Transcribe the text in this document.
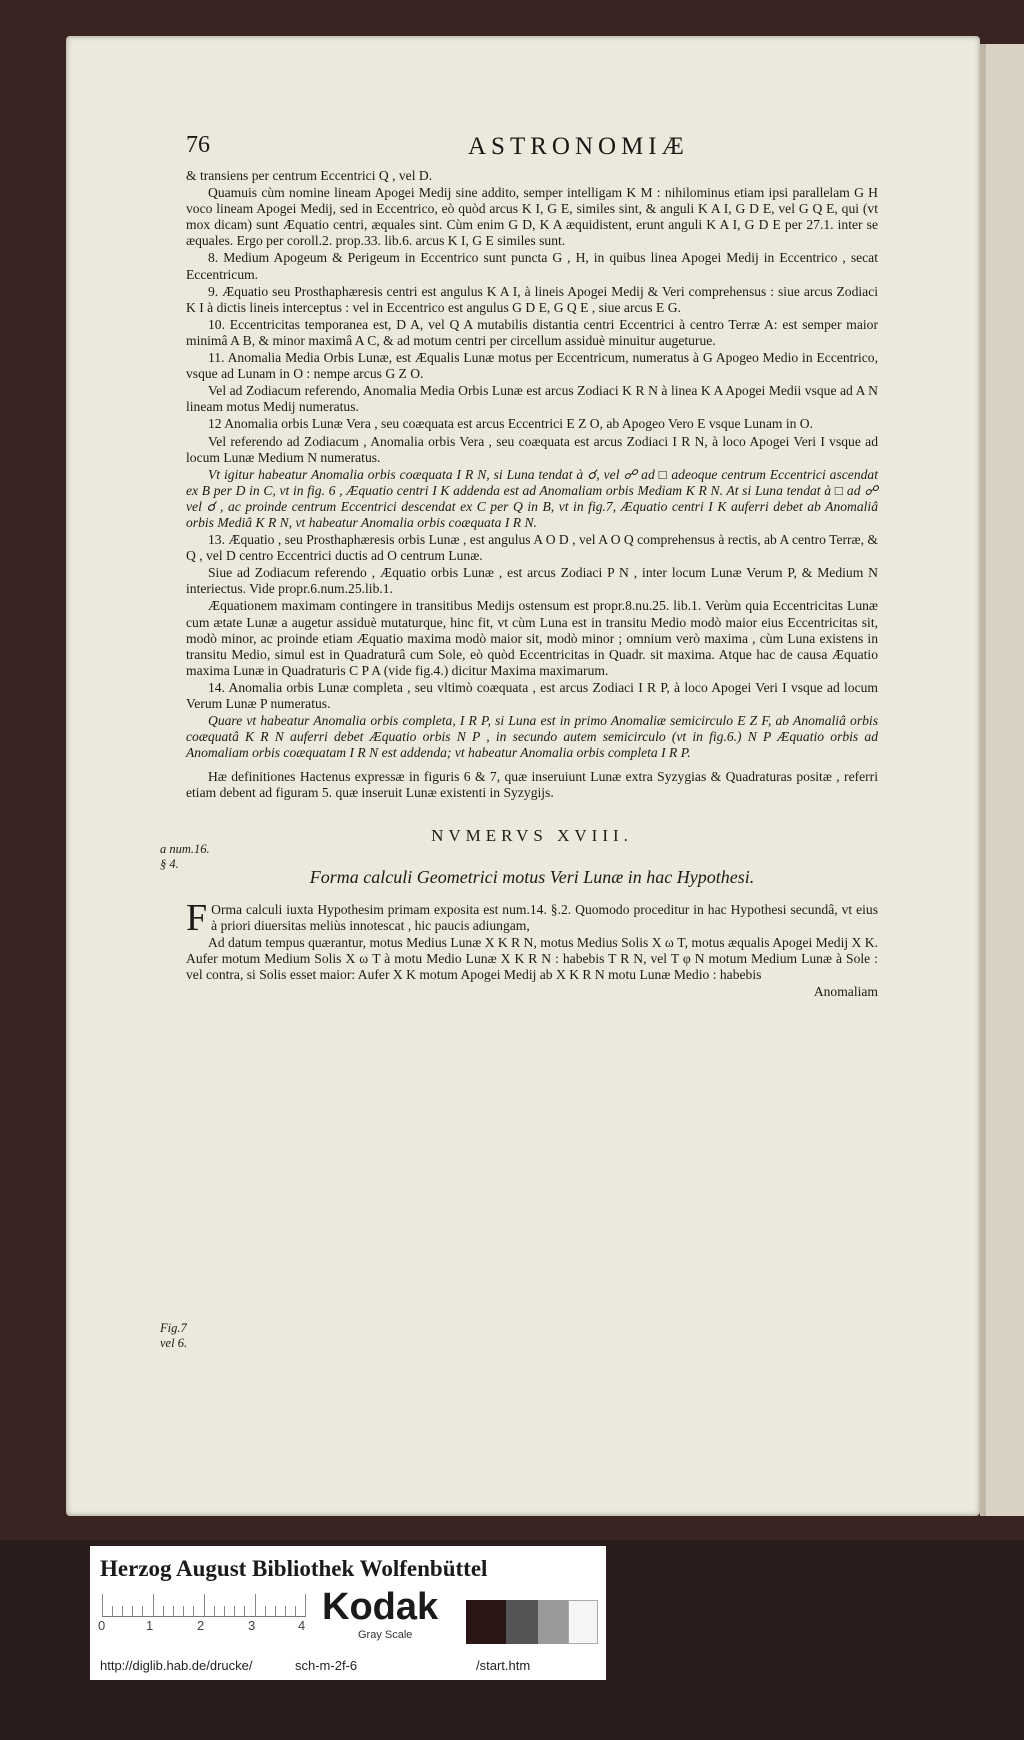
76	ASTRONOMIÆ

& transiens per centrum Eccentrici Q , vel D.

Quamuis cùm nomine lineam Apogei Medij sine addito, semper intelligam K M : nihilominus etiam ipsi parallelam G H voco lineam Apogei Medij, sed in Eccentrico, eò quòd arcus K I, G E, similes sint, & anguli K A I, G D E, vel G Q E, qui (vt mox dicam) sunt Æquatio centri, æquales sint. Cùm enim G D, K A æquidistent, erunt anguli K A I, G D E per 27.1. inter se æquales. Ergo per coroll.2. prop.33. lib.6. arcus K I, G E similes sunt.

8. Medium Apogeum & Perigeum in Eccentrico sunt puncta G , H, in quibus linea Apogei Medij in Eccentrico , secat Eccentricum.

9. Æquatio seu Prosthaphæresis centri est angulus K A I, à lineis Apogei Medij & Veri comprehensus : siue arcus Zodiaci K I à dictis lineis interceptus : vel in Eccentrico est angulus G D E, G Q E , siue arcus E G.

10. Eccentricitas temporanea est, D A, vel Q A mutabilis distantia centri Eccentrici à centro Terræ A: est semper maior minimâ A B, & minor maximâ A C, & ad motum centri per circellum assiduè minuitur augeturue.

11. Anomalia Media Orbis Lunæ, est Æqualis Lunæ motus per Eccentricum, numeratus à G Apogeo Medio in Eccentrico, vsque ad Lunam in O : nempe arcus G Z O.

Vel ad Zodiacum referendo, Anomalia Media Orbis Lunæ est arcus Zodiaci K R N à linea K A Apogei Medii vsque ad A N lineam motus Medij numeratus.

12 Anomalia orbis Lunæ Vera , seu coæquata est arcus Eccentrici E Z O, ab Apogeo Vero E vsque Lunam in O.

Vel referendo ad Zodiacum , Anomalia orbis Vera , seu coæquata est arcus Zodiaci I R N, à loco Apogei Veri I vsque ad locum Lunæ Medium N numeratus.

Vt igitur habeatur Anomalia orbis coæquata I R N, si Luna tendat à ☌, vel ☍ ad □ adeoque centrum Eccentrici ascendat ex B per D in C, vt in fig. 6 , Æquatio centri I K addenda est ad Anomaliam orbis Mediam K R N. At si Luna tendat à □ ad ☍ vel ☌ , ac proinde centrum Eccentrici descendat ex C per Q in B, vt in fig.7, Æquatio centri I K auferri debet ab Anomaliâ orbis Mediâ K R N, vt habeatur Anomalia orbis coæquata I R N.

13. Æquatio , seu Prosthaphæresis orbis Lunæ , est angulus A O D , vel A O Q comprehensus à rectis, ab A centro Terræ, & Q , vel D centro Eccentrici ductis ad O centrum Lunæ.

Siue ad Zodiacum referendo , Æquatio orbis Lunæ , est arcus Zodiaci P N , inter locum Lunæ Verum P, & Medium N interiectus. Vide propr.6.num.25.lib.1.

Æquationem maximam contingere in transitibus Medijs ostensum est propr.8.nu.25. lib.1. Verùm quia Eccentricitas Lunæ cum ætate Lunæ a augetur assiduè mutaturque, hinc fit, vt cùm Luna est in transitu Medio modò maior eius Eccentricitas sit, modò minor, ac proinde etiam Æquatio maxima modò maior sit, modò minor ; omnium verò maxima , cùm Luna existens in transitu Medio, simul est in Quadraturâ cum Sole, eò quòd Eccentricitas in Quadr. sit maxima. Atque hac de causa Æquatio maxima Lunæ in Quadraturis C P A (vide fig.4.) dicitur Maxima maximarum.

14. Anomalia orbis Lunæ completa , seu vltimò coæquata , est arcus Zodiaci I R P, à loco Apogei Veri I vsque ad locum Verum Lunæ P numeratus.

Quare vt habeatur Anomalia orbis completa, I R P, si Luna est in primo Anomaliæ semicirculo E Z F, ab Anomaliâ orbis coæquatâ K R N auferri debet Æquatio orbis N P , in secundo autem semicirculo (vt in fig.6.) N P Æquatio orbis ad Anomaliam orbis coæquatam I R N est addenda; vt habeatur Anomalia orbis completa I R P.

Hæ definitiones Hactenus expressæ in figuris 6 & 7, quæ inseruiunt Lunæ extra Syzygias & Quadraturas positæ , referri etiam debent ad figuram 5. quæ inseruit Lunæ existenti in Syzygijs.

NVMERVS XVIII.

Forma calculi Geometrici motus Veri Lunæ in hac Hypothesi.

F Orma calculi iuxta Hypothesim primam exposita est num.14. §.2. Quomodo proceditur in hac Hypothesi secundâ, vt eius à priori diuersitas meliùs innotescat , hic paucis adiungam,

Ad datum tempus quærantur, motus Medius Lunæ X K R N, motus Medius Solis X ω T, motus æqualis Apogei Medij X K. Aufer motum Medium Solis X ω T à motu Medio Lunæ X K R N : habebis T R N, vel T φ N motum Medium Lunæ à Sole : vel contra, si Solis esset maior: Aufer X K motum Apogei Medij ab X K R N motu Lunæ Medio : habebis

Anomaliam

a num.16.
§ 4.
Fig.7
vel 6.
Herzog August Bibliothek Wolfenbüttel
0	1	2	3	4 Kodak
Gray Scale
http://diglib.hab.de/drucke/	sch-m-2f-6	/start.htm
